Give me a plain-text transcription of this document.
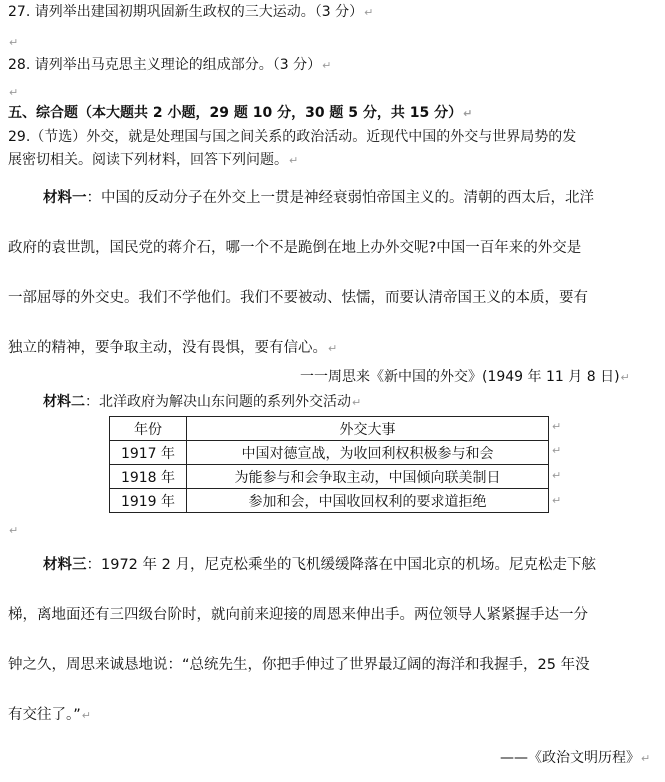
27. 请列举出建国初期巩固新生政权的三大运动。（3 分）↵
↵
28. 请列举出马克思主义理论的组成部分。（3 分）↵
↵
五、综合题（本大题共 2 小题，29 题 10 分，30 题 5 分，共 15 分）↵
29.（节选）外交，就是处理国与国之间关系的政治活动。近现代中国的外交与世界局势的发
展密切相关。阅读下列材料，回答下列问题。↵

材料一：中国的反动分子在外交上一贯是神经衰弱怕帝国主义的。清朝的西太后，北洋

政府的袁世凯，国民党的蒋介石，哪一个不是跪倒在地上办外交呢?中国一百年来的外交是

一部屈辱的外交史。我们不学他们。我们不要被动、怯懦，而要认清帝国王义的本质，要有

独立的精神，要争取主动，没有畏惧，要有信心。↵

一一周思来《新中国的外交》(1949 年 11 月 8 日)↵
材料二：北洋政府为解决山东问题的系列外交活动↵
年份	外交大事
1917 年	中国对德宣战，为收回利权积极参与和会
1918 年	为能参与和会争取主动，中国倾向联美制日
1919 年	参加和会，中国收回权利的要求道拒绝
↵
↵
↵
↵
↵

材料三：1972 年 2 月，尼克松乘坐的飞机缓缓降落在中国北京的机场。尼克松走下舷

梯，离地面还有三四级台阶时，就向前来迎接的周恩来伸出手。两位领导人紧紧握手达一分

钟之久，周思来诚恳地说：“总统先生，你把手伸过了世界最辽阔的海洋和我握手，25 年没

有交往了。”↵

——《政治文明历程》↵
